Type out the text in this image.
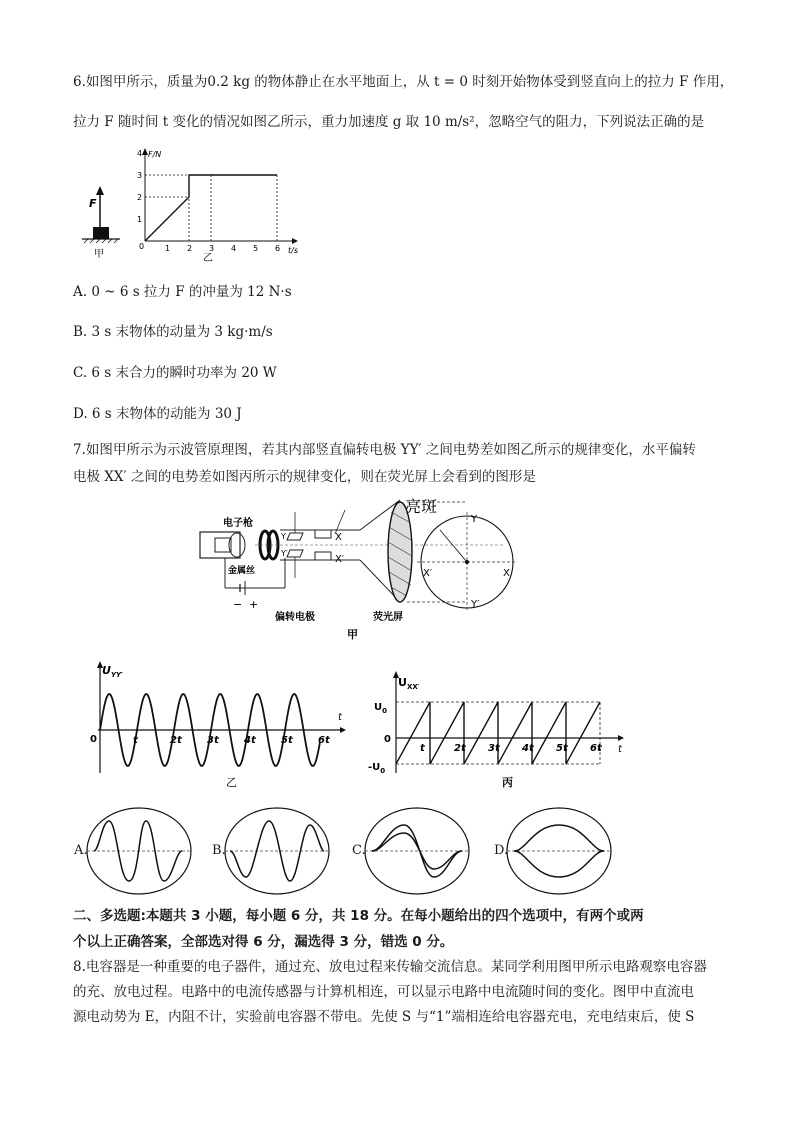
6.如图甲所示，质量为0.2 kg 的物体静止在水平地面上，从 t = 0 时刻开始物体受到竖直向上的拉力 F 作用，
拉力 F 随时间 t 变化的情况如图乙所示，重力加速度 g 取 10 m/s²，忽略空气的阻力，下列说法正确的是
F
甲
F/N
t/s
0
1
2
3
4
1 2 3 4 5 6
乙
A. 0 ~ 6 s 拉力 F 的冲量为 12 N·s
B. 3 s 末物体的动量为 3 kg·m/s
C. 6 s 末合力的瞬时功率为 20 W
D. 6 s 末物体的动能为 30 J
7.如图甲所示为示波管原理图，若其内部竖直偏转电极 YY′ 之间电势差如图乙所示的规律变化，水平偏转
电极 XX′ 之间的电势差如图丙所示的规律变化，则在荧光屏上会看到的图形是
− +
电子枪
金属丝
Y
Y′
X
X′
偏转电极	荧光屏
亮斑
Y
Y′
X
X′
甲
$U_{YY'}$
0	t	2t	3t	4t	5t	6t
t
乙
$U_{XX'}$
$U_0$
$-U_0$
0
t	2t 3t 4t 5t 6t t
丙
A.	B.	C.	D.
二、多选题:本题共 3 小题，每小题 6 分，共 18 分。在每小题给出的四个选项中，有两个或两
个以上正确答案，全部选对得 6 分，漏选得 3 分，错选 0 分。
8.电容器是一种重要的电子器件，通过充、放电过程来传输交流信息。某同学利用图甲所示电路观察电容器
的充、放电过程。电路中的电流传感器与计算机相连，可以显示电路中电流随时间的变化。图甲中直流电
源电动势为 E，内阻不计，实验前电容器不带电。先使 S 与“1”端相连给电容器充电，充电结束后，使 S
